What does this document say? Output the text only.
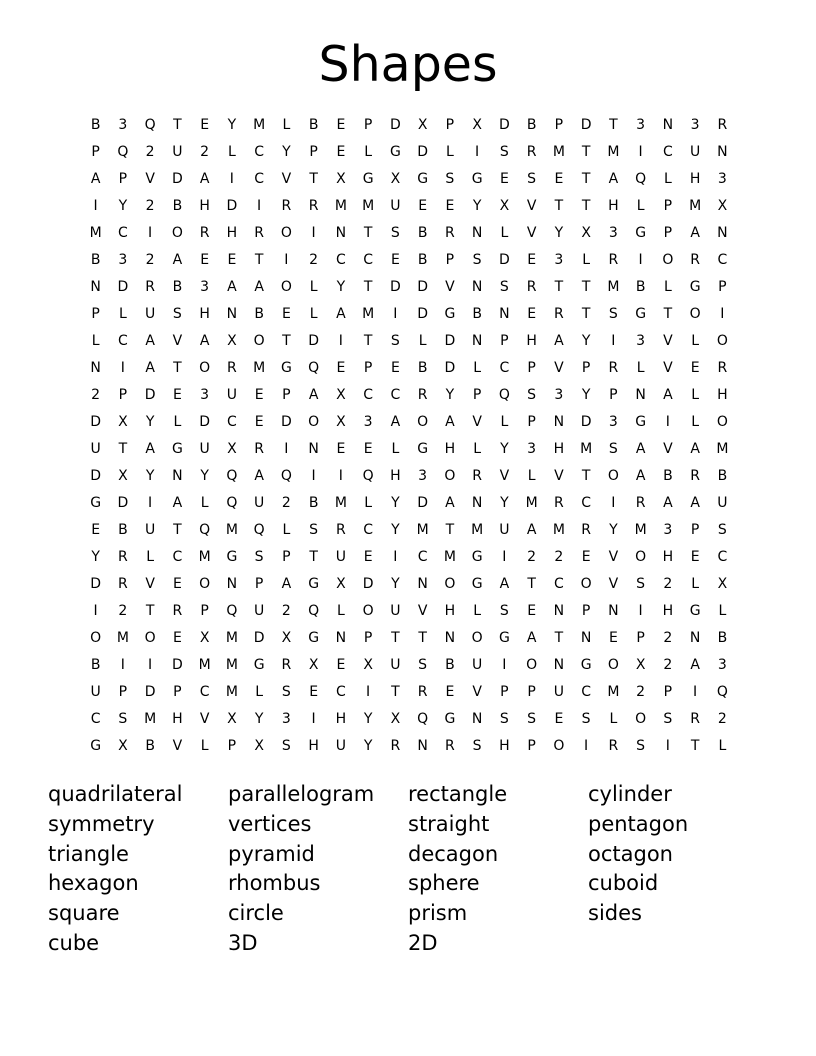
Shapes
B	3	Q	T	E	Y	M	L	B	E	P	D	X	P	X	D	B	P	D	T	3	N	3	R
P	Q	2	U	2	L	C	Y	P	E	L	G	D	L	I	S	R	M	T	M	I	C	U	N
A	P	V	D	A	I	C	V	T	X	G	X	G	S	G	E	S	E	T	A	Q	L	H	3
I	Y	2	B	H	D	I	R	R	M	M	U	E	E	Y	X	V	T	T	H	L	P	M	X
M	C	I	O	R	H	R	O	I	N	T	S	B	R	N	L	V	Y	X	3	G	P	A	N
B	3	2	A	E	E	T	I	2	C	C	E	B	P	S	D	E	3	L	R	I	O	R	C
N	D	R	B	3	A	A	O	L	Y	T	D	D	V	N	S	R	T	T	M	B	L	G	P
P	L	U	S	H	N	B	E	L	A	M	I	D	G	B	N	E	R	T	S	G	T	O	I
L	C	A	V	A	X	O	T	D	I	T	S	L	D	N	P	H	A	Y	I	3	V	L	O
N	I	A	T	O	R	M	G	Q	E	P	E	B	D	L	C	P	V	P	R	L	V	E	R
2	P	D	E	3	U	E	P	A	X	C	C	R	Y	P	Q	S	3	Y	P	N	A	L	H
D	X	Y	L	D	C	E	D	O	X	3	A	O	A	V	L	P	N	D	3	G	I	L	O
U	T	A	G	U	X	R	I	N	E	E	L	G	H	L	Y	3	H	M	S	A	V	A	M
D	X	Y	N	Y	Q	A	Q	I	I	Q	H	3	O	R	V	L	V	T	O	A	B	R	B
G	D	I	A	L	Q	U	2	B	M	L	Y	D	A	N	Y	M	R	C	I	R	A	A	U
E	B	U	T	Q	M	Q	L	S	R	C	Y	M	T	M	U	A	M	R	Y	M	3	P	S
Y	R	L	C	M	G	S	P	T	U	E	I	C	M	G	I	2	2	E	V	O	H	E	C
D	R	V	E	O	N	P	A	G	X	D	Y	N	O	G	A	T	C	O	V	S	2	L	X
I	2	T	R	P	Q	U	2	Q	L	O	U	V	H	L	S	E	N	P	N	I	H	G	L
O	M	O	E	X	M	D	X	G	N	P	T	T	N	O	G	A	T	N	E	P	2	N	B
B	I	I	D	M	M	G	R	X	E	X	U	S	B	U	I	O	N	G	O	X	2	A	3
U	P	D	P	C	M	L	S	E	C	I	T	R	E	V	P	P	U	C	M	2	P	I	Q
C	S	M	H	V	X	Y	3	I	H	Y	X	Q	G	N	S	S	E	S	L	O	S	R	2
G	X	B	V	L	P	X	S	H	U	Y	R	N	R	S	H	P	O	I	R	S	I	T	L
quadrilateral	parallelogram	rectangle	cylinder
symmetry	vertices	straight	pentagon
triangle	pyramid	decagon	octagon
hexagon	rhombus	sphere	cuboid
square	circle	prism	sides
cube	3D	2D
